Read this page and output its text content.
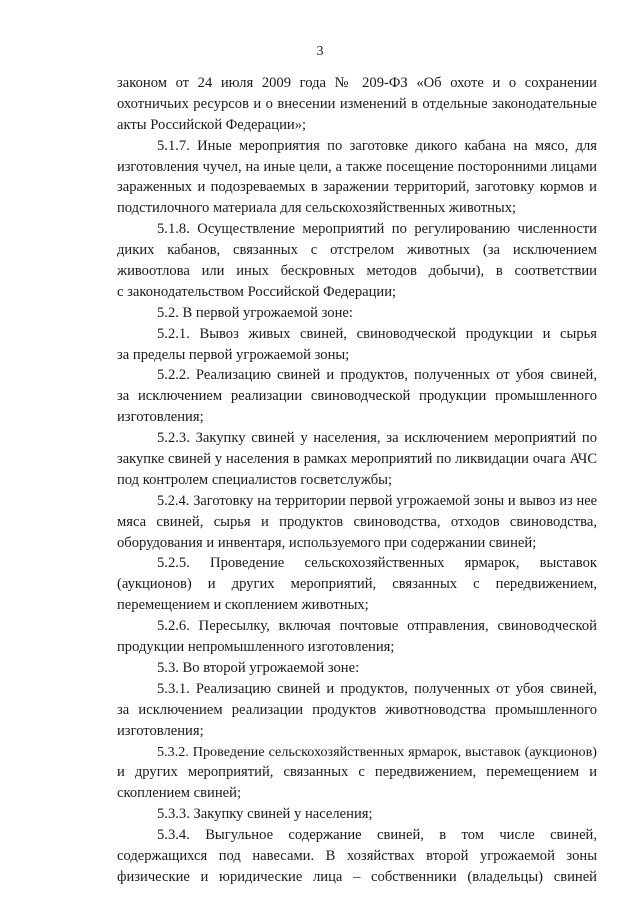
3
законом от 24 июля 2009 года № 209-ФЗ «Об охоте и о сохранении
охотничьих ресурсов и о внесении изменений в отдельные законодательные
акты Российской Федерации»;
5.1.7. Иные мероприятия по заготовке дикого кабана на мясо, для
изготовления чучел, на иные цели, а также посещение посторонними лицами
зараженных и подозреваемых в заражении территорий, заготовку кормов и
подстилочного материала для сельскохозяйственных животных;
5.1.8. Осуществление мероприятий по регулированию численности
диких кабанов, связанных с отстрелом животных (за исключением
живоотлова или иных бескровных методов добычи), в соответствии
с законодательством Российской Федерации;
5.2. В первой угрожаемой зоне:
5.2.1. Вывоз живых свиней, свиноводческой продукции и сырья
за пределы первой угрожаемой зоны;
5.2.2. Реализацию свиней и продуктов, полученных от убоя свиней,
за исключением реализации свиноводческой продукции промышленного
изготовления;
5.2.3. Закупку свиней у населения, за исключением мероприятий по
закупке свиней у населения в рамках мероприятий по ликвидации очага АЧС
под контролем специалистов госветслужбы;
5.2.4. Заготовку на территории первой угрожаемой зоны и вывоз из нее
мяса свиней, сырья и продуктов свиноводства, отходов свиноводства,
оборудования и инвентаря, используемого при содержании свиней;
5.2.5. Проведение сельскохозяйственных ярмарок, выставок
(аукционов) и других мероприятий, связанных с передвижением,
перемещением и скоплением животных;
5.2.6. Пересылку, включая почтовые отправления, свиноводческой
продукции непромышленного изготовления;
5.3. Во второй угрожаемой зоне:
5.3.1. Реализацию свиней и продуктов, полученных от убоя свиней,
за исключением реализации продуктов животноводства промышленного
изготовления;
5.3.2. Проведение сельскохозяйственных ярмарок, выставок (аукционов)
и других мероприятий, связанных с передвижением, перемещением и
скоплением свиней;
5.3.3. Закупку свиней у населения;
5.3.4. Выгульное содержание свиней, в том числе свиней,
содержащихся под навесами. В хозяйствах второй угрожаемой зоны
физические и юридические лица – собственники (владельцы) свиней
